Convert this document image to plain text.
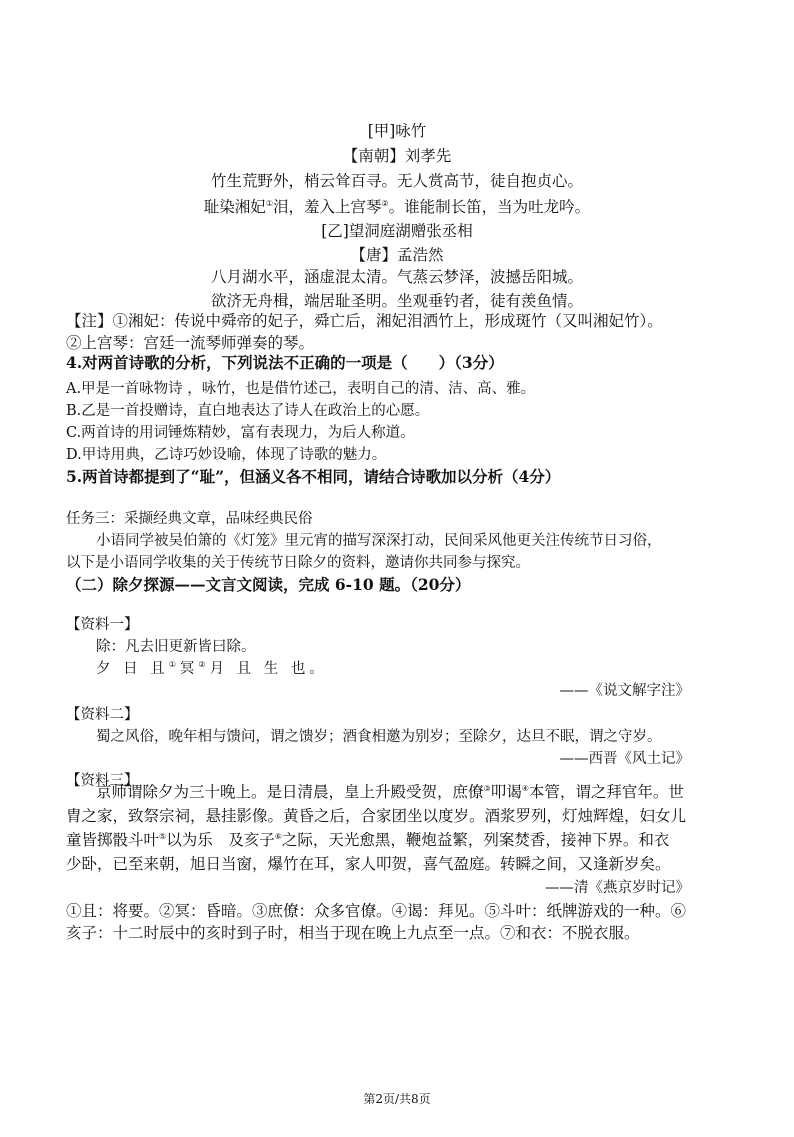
[甲]咏竹
【南朝】刘孝先
竹生荒野外，梢云耸百寻。无人赏高节，徒自抱贞心。
耻染湘妃①泪，羞入上宫琴②。谁能制长笛，当为吐龙吟。
[乙]望洞庭湖赠张丞相
【唐】孟浩然
八月湖水平，涵虚混太清。气蒸云梦泽，波撼岳阳城。
欲济无舟楫，端居耻圣明。坐观垂钓者，徒有羡鱼情。
【注】①湘妃：传说中舜帝的妃子，舜亡后，湘妃泪洒竹上，形成斑竹（又叫湘妃竹）。
②上宫琴：宫廷一流琴师弹奏的琴。
4.对两首诗歌的分析，下列说法不正确的一项是（　　）（3分）
A.甲是一首咏物诗 ，咏竹，也是借竹述己，表明自己的清、洁、高、雅。
B.乙是一首投赠诗，直白地表达了诗人在政治上的心愿。
C.两首诗的用词锤炼精妙，富有表现力，为后人称道。
D.甲诗用典，乙诗巧妙设喻，体现了诗歌的魅力。
5.两首诗都提到了“耻”，但涵义各不相同，请结合诗歌加以分析（4分）
任务三：采撷经典文章，品味经典民俗
小语同学被吴伯箫的《灯笼》里元宵的描写深深打动，民间采风他更关注传统节日习俗，
以下是小语同学收集的关于传统节日除夕的资料，邀请你共同参与探究。
（二）除夕探源——文言文阅读，完成 6-10 题。（20分）
【资料一】
除：凡去旧更新皆曰除。
夕 日 且①冥②月 且 生 也。
——《说文解字注》
【资料二】
蜀之风俗，晚年相与馈问，谓之馈岁；酒食相邀为别岁；至除夕，达旦不眠，谓之守岁。
——西晋《风土记》
【资料三】
京师谓除夕为三十晚上。是日清晨，皇上升殿受贺，庶僚③叩谒④本管，谓之拜官年。世
胄之家，致祭宗祠，悬挂影像。黄昏之后，合家团坐以度岁。酒浆罗列，灯烛辉煌，妇女儿
童皆掷骰斗叶⑤以为乐　及亥子⑥之际，天光愈黑，鞭炮益繁，列案焚香，接神下界。和衣
少卧，已至来朝，旭日当窗，爆竹在耳，家人叩贺，喜气盈庭。转瞬之间，又逢新岁矣。
——清《燕京岁时记》
①且：将要。②冥：昏暗。③庶僚：众多官僚。④谒：拜见。⑤斗叶：纸牌游戏的一种。⑥
亥子：十二时辰中的亥时到子时，相当于现在晚上九点至一点。⑦和衣：不脱衣服。
第2页/共8页
